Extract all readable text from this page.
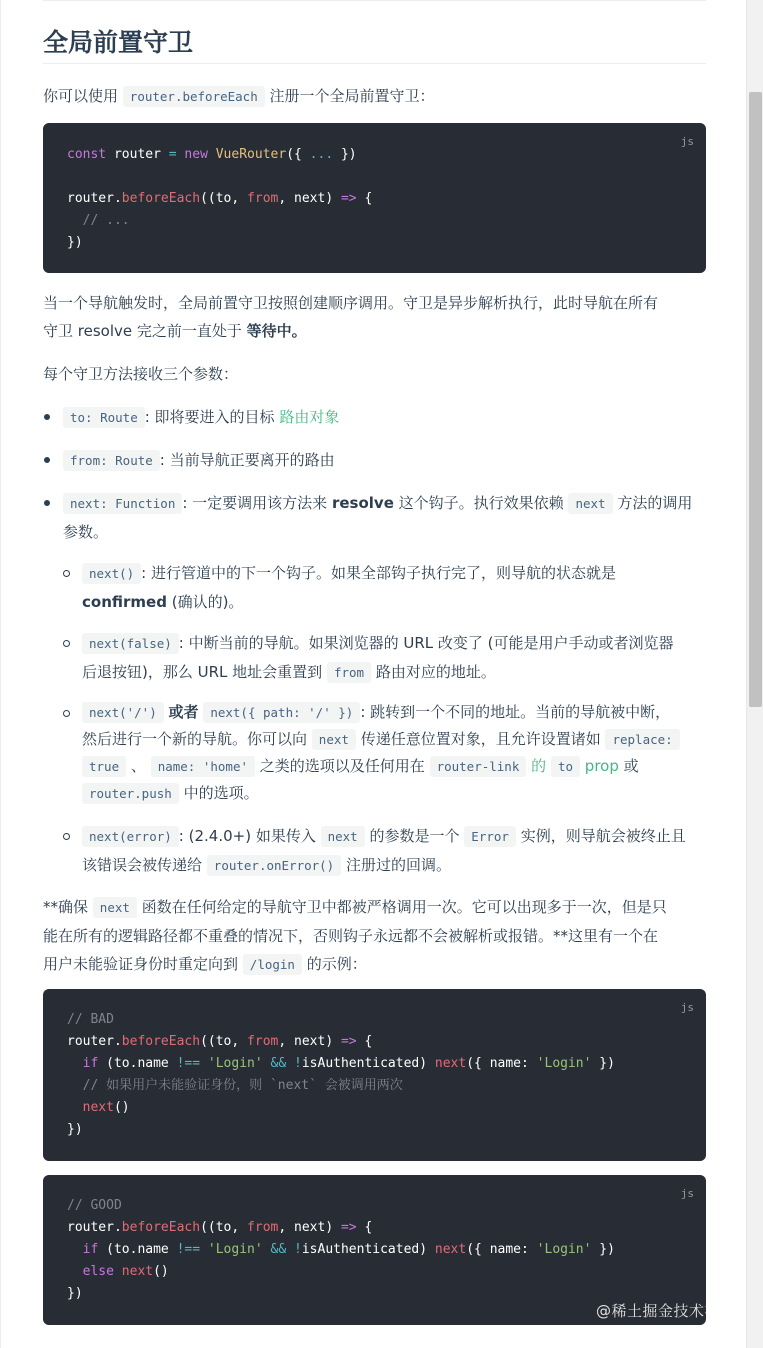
全局前置守卫
你可以使用 router.beforeEach 注册一个全局前置守卫：
js
const router = new VueRouter({ ... })

router.beforeEach((to, from, next) => {
// ...
})
当一个导航触发时，全局前置守卫按照创建顺序调用。守卫是异步解析执行，此时导航在所有
守卫 resolve 完之前一直处于 等待中。
每个守卫方法接收三个参数：
to: Route : 即将要进入的目标 路由对象
from: Route : 当前导航正要离开的路由
next: Function : 一定要调用该方法来 resolve 这个钩子。执行效果依赖 next 方法的调用
参数。
next() : 进行管道中的下一个钩子。如果全部钩子执行完了，则导航的状态就是
confirmed (确认的)。
next(false) : 中断当前的导航。如果浏览器的 URL 改变了 (可能是用户手动或者浏览器
后退按钮)，那么 URL 地址会重置到 from 路由对应的地址。
next('/') 或者 next({ path: '/' }) : 跳转到一个不同的地址。当前的导航被中断，
然后进行一个新的导航。你可以向 next 传递任意位置对象，且允许设置诸如 replace:
true 、 name: 'home' 之类的选项以及任何用在 router-link 的 to prop 或
router.push 中的选项。
next(error) : (2.4.0+) 如果传入 next 的参数是一个 Error 实例，则导航会被终止且
该错误会被传递给 router.onError() 注册过的回调。
**确保 next 函数在任何给定的导航守卫中都被严格调用一次。它可以出现多于一次，但是只
能在所有的逻辑路径都不重叠的情况下，否则钩子永远都不会被解析或报错。**这里有一个在
用户未能验证身份时重定向到 /login 的示例：
js
// BAD
router.beforeEach((to, from, next) => {
if (to.name !== 'Login' && !isAuthenticated) next({ name: 'Login' })
// 如果用户未能验证身份，则 `next` 会被调用两次
next()
})
js
// GOOD
router.beforeEach((to, from, next) => {
if (to.name !== 'Login' && !isAuthenticated) next({ name: 'Login' })
else next()
})
@稀土掘金技术社区
